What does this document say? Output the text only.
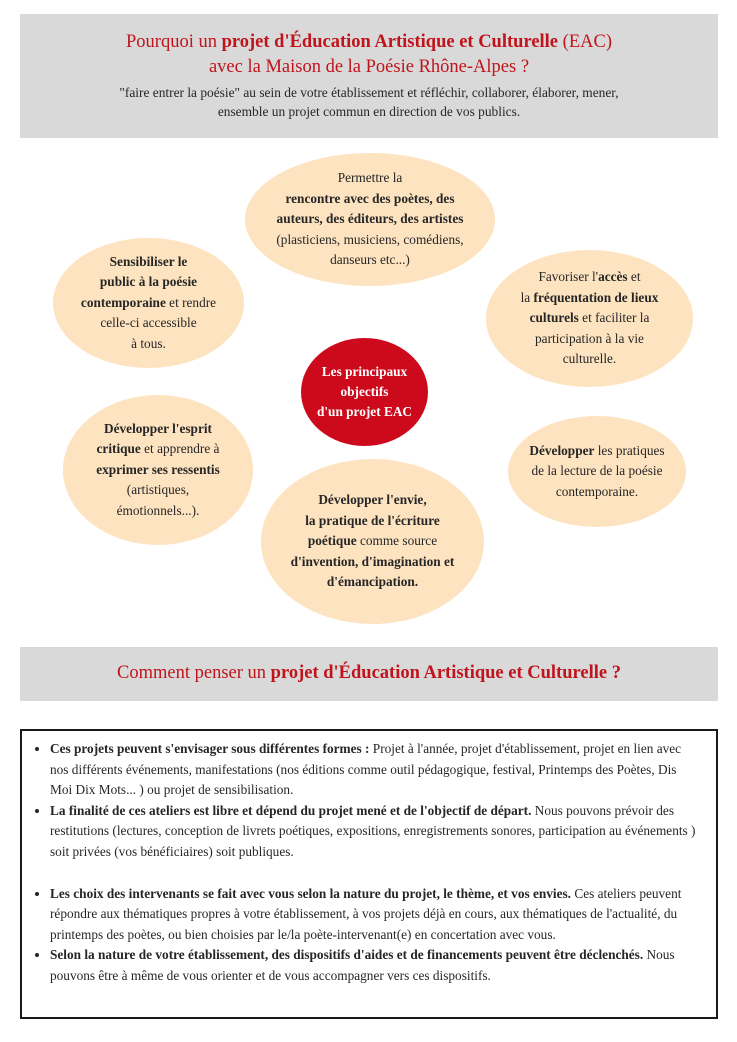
Pourquoi un projet d'Éducation Artistique et Culturelle (EAC)
avec la Maison de la Poésie Rhône-Alpes ?
"faire entrer la poésie" au sein de votre établissement et réfléchir, collaborer, élaborer, mener,
ensemble un projet commun en direction de vos publics.
Permettre la
rencontre avec des poètes, des
auteurs, des éditeurs, des artistes
(plasticiens, musiciens, comédiens,
danseurs etc...)
Sensibiliser le
public à la poésie
contemporaine et rendre
celle-ci accessible
à tous.
Favoriser l'accès et
la fréquentation de lieux
culturels et faciliter la
participation à la vie
culturelle.
Les principaux
objectifs
d'un projet EAC
Développer l'esprit
critique et apprendre à
exprimer ses ressentis
(artistiques,
émotionnels...).
Développer les pratiques
de la lecture de la poésie
contemporaine.
Développer l'envie,
la pratique de l'écriture
poétique comme source
d'invention, d'imagination et
d'émancipation.
Comment penser un projet d'Éducation Artistique et Culturelle ?
• Ces projets peuvent s'envisager sous différentes formes : Projet à l'année, projet d'établissement, projet en lien avec nos différents événements, manifestations (nos éditions comme outil pédagogique, festival, Printemps des Poètes, Dis Moi Dix Mots... ) ou projet de sensibilisation.
• La finalité de ces ateliers est libre et dépend du projet mené et de l'objectif de départ. Nous pouvons prévoir des restitutions (lectures, conception de livrets poétiques, expositions, enregistrements sonores, participation au événements ) soit privées (vos bénéficiaires) soit publiques.
• Les choix des intervenants se fait avec vous selon la nature du projet, le thème, et vos envies. Ces ateliers peuvent répondre aux thématiques propres à votre établissement, à vos projets déjà en cours, aux thématiques de l'actualité, du printemps des poètes, ou bien choisies par le/la poète-intervenant(e) en concertation avec vous.
• Selon la nature de votre établissement, des dispositifs d'aides et de financements peuvent être déclenchés. Nous pouvons être à même de vous orienter et de vous accompagner vers ces dispositifs.
